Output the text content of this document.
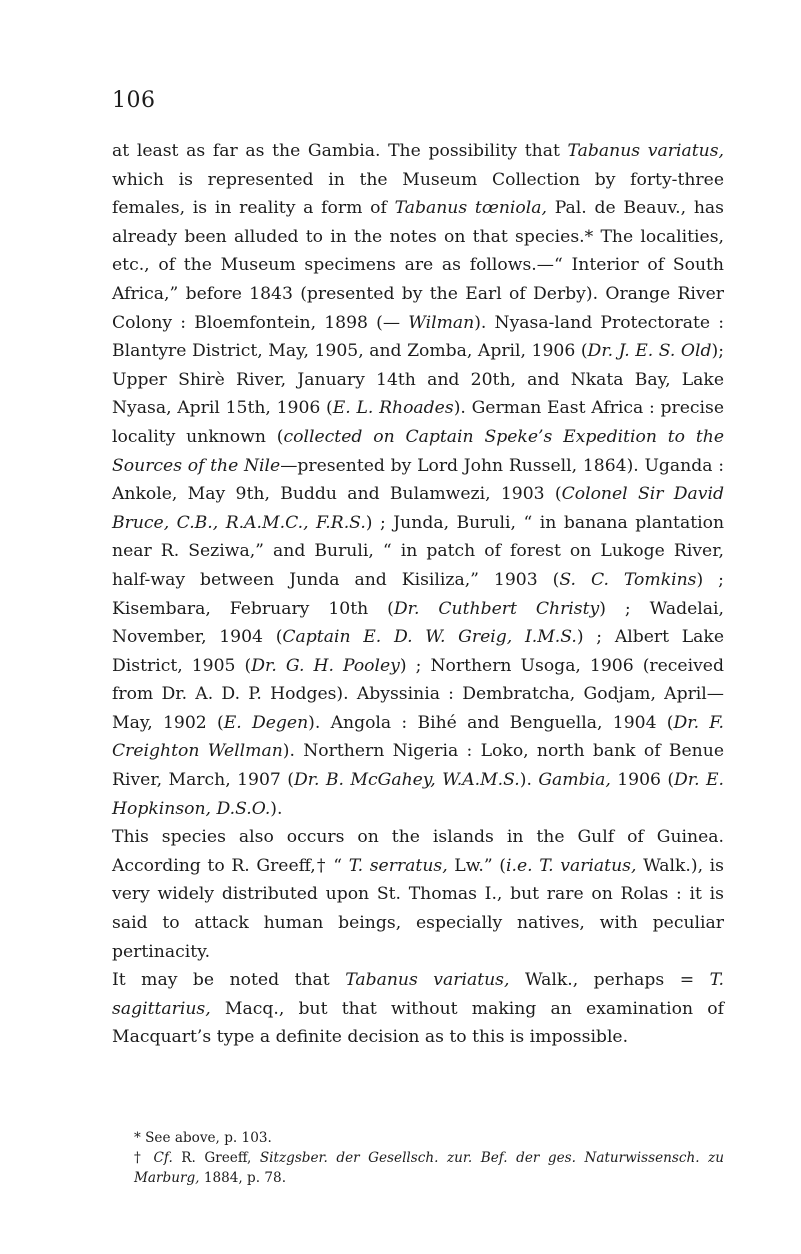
106

at least as far as the Gambia. The possibility that Tabanus variatus, which is represented in the Museum Collection by forty-three females, is in reality a form of Tabanus tœniola, Pal. de Beauv., has already been alluded to in the notes on that species.* The localities, etc., of the Museum specimens are as follows.—“ Interior of South Africa,” before 1843 (presented by the Earl of Derby). Orange River Colony : Bloemfontein, 1898 (— Wilman). Nyasa-land Protectorate : Blantyre District, May, 1905, and Zomba, April, 1906 (Dr. J. E. S. Old); Upper Shirè River, January 14th and 20th, and Nkata Bay, Lake Nyasa, April 15th, 1906 (E. L. Rhoades). German East Africa : precise locality unknown (collected on Captain Speke’s Expedition to the Sources of the Nile—presented by Lord John Russell, 1864). Uganda : Ankole, May 9th, Buddu and Bulamwezi, 1903 (Colonel Sir David Bruce, C.B., R.A.M.C., F.R.S.) ; Junda, Buruli, “ in banana plantation near R. Seziwa,” and Buruli, “ in patch of forest on Lukoge River, half-way between Junda and Kisiliza,” 1903 (S. C. Tomkins) ; Kisembara, February 10th (Dr. Cuthbert Christy) ; Wadelai, November, 1904 (Captain E. D. W. Greig, I.M.S.) ; Albert Lake District, 1905 (Dr. G. H. Pooley) ; Northern Usoga, 1906 (received from Dr. A. D. P. Hodges). Abyssinia : Dembratcha, Godjam, April—May, 1902 (E. Degen). Angola : Bihé and Benguella, 1904 (Dr. F. Creighton Wellman). Northern Nigeria : Loko, north bank of Benue River, March, 1907 (Dr. B. McGahey, W.A.M.S.). Gambia, 1906 (Dr. E. Hopkinson, D.S.O.).

This species also occurs on the islands in the Gulf of Guinea. According to R. Greeff,† “ T. serratus, Lw.” (i.e. T. variatus, Walk.), is very widely distributed upon St. Thomas I., but rare on Rolas : it is said to attack human beings, especially natives, with peculiar pertinacity.

It may be noted that Tabanus variatus, Walk., perhaps = T. sagittarius, Macq., but that without making an examination of Macquart’s type a definite decision as to this is impossible.

* See above, p. 103.

† Cf. R. Greeff, Sitzgsber. der Gesellsch. zur. Bef. der ges. Naturwissensch. zu Marburg, 1884, p. 78.
